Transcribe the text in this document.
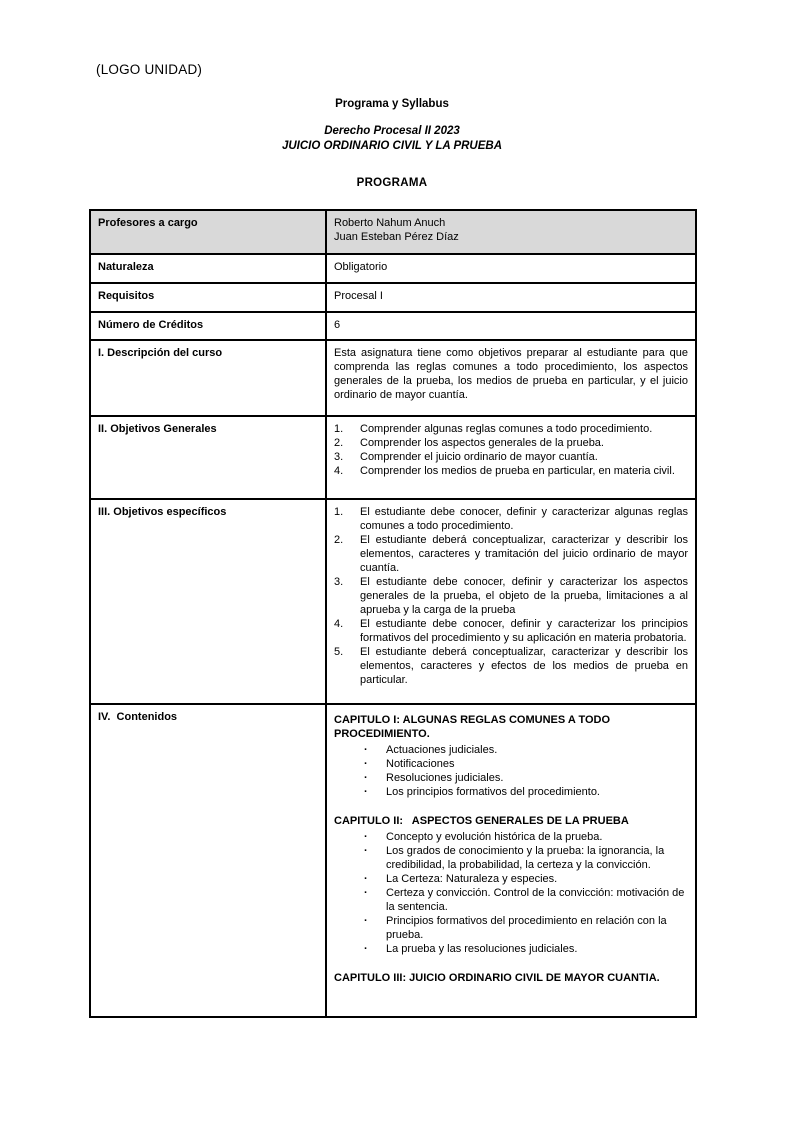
(LOGO UNIDAD)
Programa y Syllabus
Derecho Procesal II 2023
JUICIO ORDINARIO CIVIL Y LA PRUEBA
PROGRAMA
Profesores a cargo	Roberto Nahum Anuch
Juan Esteban Pérez Díaz

Naturaleza	Obligatorio
Requisitos	Procesal I
Número de Créditos	6
I. Descripción del curso	Esta asignatura tiene como objetivos preparar al estudiante para que comprenda las reglas comunes a todo procedimiento, los aspectos generales de la prueba, los medios de prueba en particular, y el juicio ordinario de mayor cuantía.
II. Objetivos Generales	1.	Comprender algunas reglas comunes a todo procedimiento.
2.	Comprender los aspectos generales de la prueba.
3.	Comprender el juicio ordinario de mayor cuantía.
4.	Comprender los medios de prueba en particular, en materia civil.

III. Objetivos específicos	1.	El estudiante debe conocer, definir y caracterizar algunas reglas comunes a todo procedimiento.
2.	El estudiante deberá conceptualizar, caracterizar y describir los elementos, caracteres y tramitación del juicio ordinario de mayor cuantía.
3.	El estudiante debe conocer, definir y caracterizar los aspectos generales de la prueba, el objeto de la prueba, limitaciones a al aprueba y la carga de la prueba
4.	El estudiante debe conocer, definir y caracterizar los principios formativos del procedimiento y su aplicación en materia probatoria.
5.	El estudiante deberá conceptualizar, caracterizar y describir los elementos, caracteres y efectos de los medios de prueba en particular.

IV.  Contenidos	CAPITULO I: ALGUNAS REGLAS COMUNES A TODO PROCEDIMIENTO.
·	Actuaciones judiciales.
·	Notificaciones
·	Resoluciones judiciales.
·	Los principios formativos del procedimiento.
CAPITULO II:   ASPECTOS GENERALES DE LA PRUEBA
·	Concepto y evolución histórica de la prueba.
·	Los grados de conocimiento y la prueba: la ignorancia, la credibilidad, la probabilidad, la certeza y la convicción.
·	La Certeza: Naturaleza y especies.
·	Certeza y convicción. Control de la convicción: motivación de la sentencia.
·	Principios formativos del procedimiento en relación con la prueba.
·	La prueba y las resoluciones judiciales.
CAPITULO III: JUICIO ORDINARIO CIVIL DE MAYOR CUANTIA.
